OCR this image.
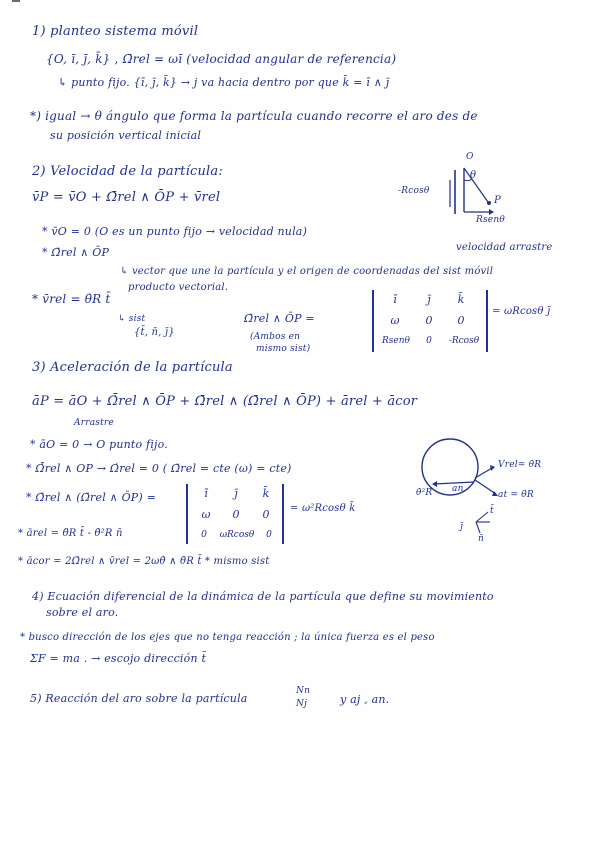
1) planteo sistema móvil
{O, ī, j̄, k̄} , Ω̄rel = ωī (velocidad angular de referencia)
↳ punto fijo. {ī, j̄, k̄} → j va hacia dentro por que k̄ = ī ∧ j̄
*) igual → θ ángulo que forma la partícula cuando recorre el aro des de
su posición vertical inicial
2) Velocidad de la partícula:
v̄P = v̄O + Ω̄rel ∧ ŌP + v̄rel
* v̄O = 0 (O es un punto fijo → velocidad nula)
* Ω̄rel ∧ ŌP	velocidad arrastre
↳ vector que une la partícula y el origen de coordenadas del sist móvil
producto vectorial.
* v̄rel = θ̇R t̄
↳ sist
{t̄, n̄, j̄}
Ω̄rel ∧ ŌP =
(Ambos en
mismo sist)
ī	j̄	k̄
ω	0	0
Rsenθ	0	-Rcosθ
= ωRcosθ j̄
O
θ
P
-Rcosθ
Rsenθ
3) Aceleración de la partícula
āP = āO + Ω̇̄rel ∧ ŌP + Ω̄rel ∧ (Ω̄rel ∧ ŌP) + ārel + ācor
Arrastre
* āO = 0 → O punto fijo.
* Ω̇̄rel ∧ OP → Ω̇rel = 0 ( Ω̄rel = cte (ω) = cte)
* Ω̄rel ∧ (Ω̄rel ∧ ŌP) =	ī	j̄	k̄
ω	0	0
0	ωRcosθ	0
= ω²Rcosθ k̄
* ārel = θ̈R t̄ - θ̇²R n̄
* ācor = 2Ω̄rel ∧ v̄rel = 2ωθ̇ ∧ θ̇R t̄ * mismo sist
Vrel= θ̇R
at = θ̈R
an
θ̇²R
j̄
t̄
n̄
4) Ecuación diferencial de la dinámica de la partícula que define su movimiento
sobre el aro.
* busco dirección de los ejes que no tenga reacción ; la única fuerza es el peso
ΣF = ma . → escojo dirección t̄
5) Reacción del aro sobre la partícula
Nn
Nj	y aj , an.
